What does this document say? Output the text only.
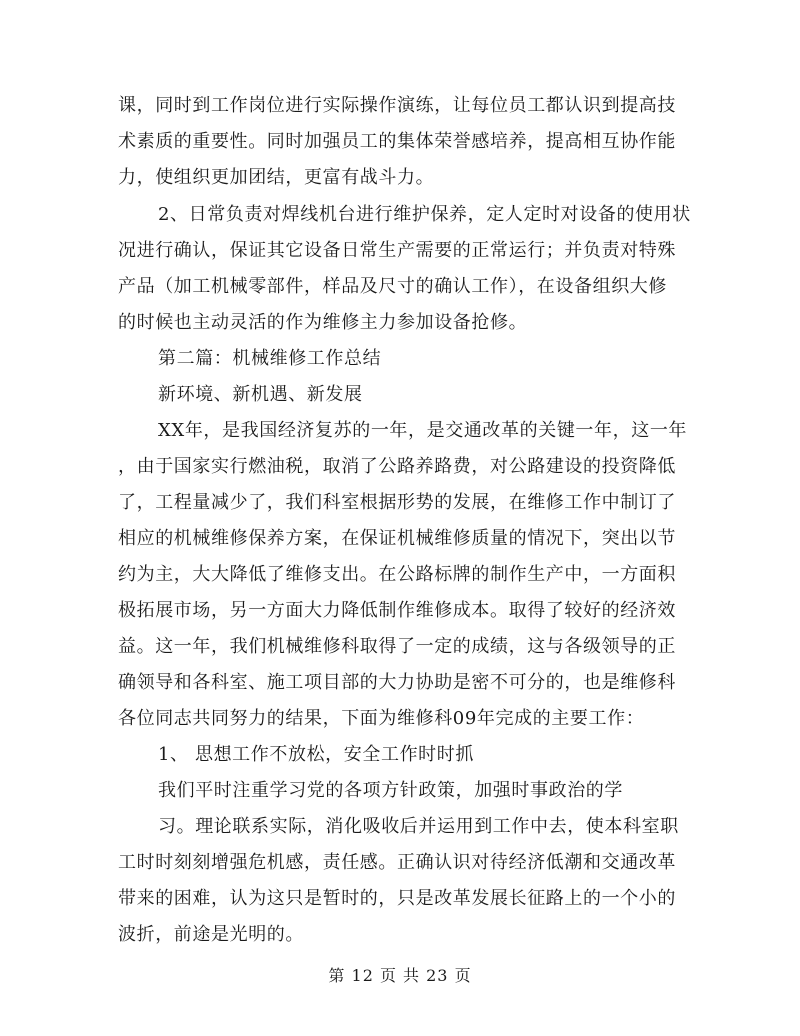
课，同时到工作岗位进行实际操作演练，让每位员工都认识到提高技
术素质的重要性。同时加强员工的集体荣誉感培养，提高相互协作能
力，使组织更加团结，更富有战斗力。
2、日常负责对焊线机台进行维护保养，定人定时对设备的使用状
况进行确认，保证其它设备日常生产需要的正常运行；并负责对特殊
产品（加工机械零部件，样品及尺寸的确认工作），在设备组织大修
的时候也主动灵活的作为维修主力参加设备抢修。
第二篇：机械维修工作总结
新环境、新机遇、新发展
XX年，是我国经济复苏的一年，是交通改革的关键一年，这一年
，由于国家实行燃油税，取消了公路养路费，对公路建设的投资降低
了，工程量减少了，我们科室根据形势的发展，在维修工作中制订了
相应的机械维修保养方案，在保证机械维修质量的情况下，突出以节
约为主，大大降低了维修支出。在公路标牌的制作生产中，一方面积
极拓展市场，另一方面大力降低制作维修成本。取得了较好的经济效
益。这一年，我们机械维修科取得了一定的成绩，这与各级领导的正
确领导和各科室、施工项目部的大力协助是密不可分的，也是维修科
各位同志共同努力的结果，下面为维修科09年完成的主要工作：
1、 思想工作不放松，安全工作时时抓
我们平时注重学习党的各项方针政策，加强时事政治的学
习。理论联系实际，消化吸收后并运用到工作中去，使本科室职
工时时刻刻增强危机感，责任感。正确认识对待经济低潮和交通改革
带来的困难，认为这只是暂时的，只是改革发展长征路上的一个小的
波折，前途是光明的。
第 12 页 共 23 页
